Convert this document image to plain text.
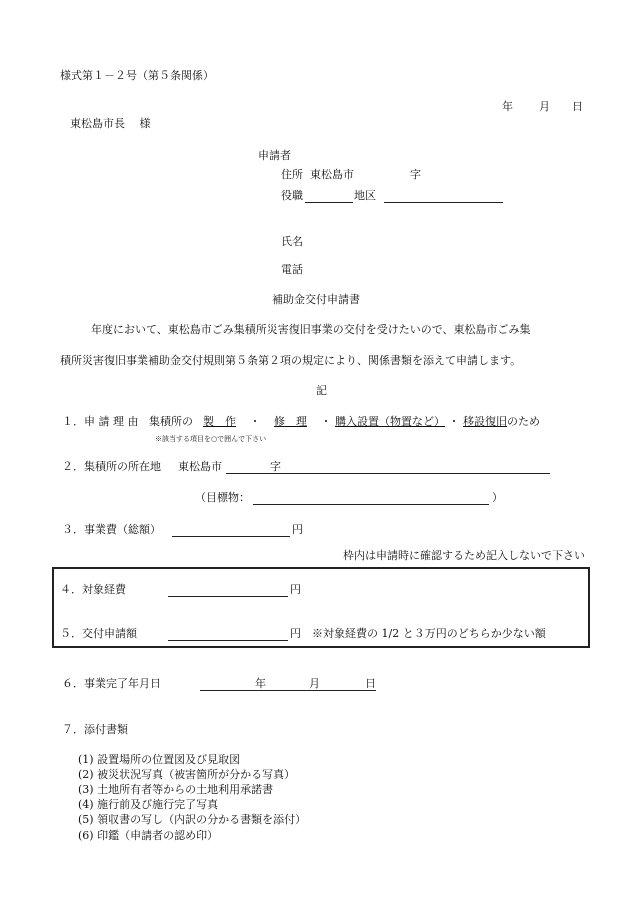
様式第１－２号（第５条関係）
年 月 日
東松島市長　 様
申請者
住所 東松島市	字
役職	地区
氏名
電話
補助金交付申請書
年度において、東松島市ごみ集積所災害復旧事業の交付を受けたいので、東松島市ごみ集
積所災害復旧事業補助金交付規則第５条第２項の規定により、関係書類を添えて申請します。
記
１．申 請 理 由 集積所の 製　作 ・ 修　理 ・ 購入設置（物置など） ・ 移設復旧のため
※該当する項目を○で囲んで下さい
２．集積所の所在地 東松島市	字
（目標物：	）
３．事業費（総額）	円
枠内は申請時に確認するため記入しないで下さい
４．対象経費	円
５．交付申請額	円 ※対象経費の 1/2 と３万円のどちらか少ない額
６．事業完了年月日	年	月	日
７．添付書類
(1) 設置場所の位置図及び見取図
(2) 被災状況写真（被害箇所が分かる写真）
(3) 土地所有者等からの土地利用承諾書
(4) 施行前及び施行完了写真
(5) 領収書の写し（内訳の分かる書類を添付）
(6) 印鑑（申請者の認め印）
